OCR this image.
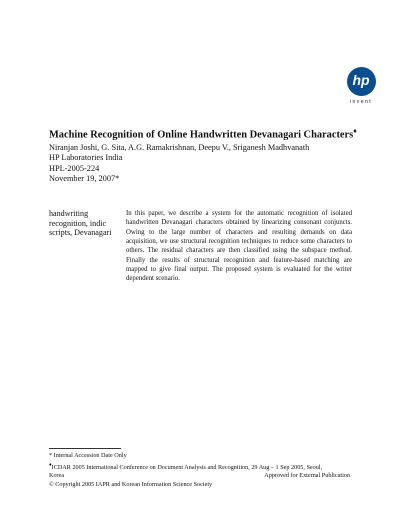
hp
invent
Machine Recognition of Online Handwritten Devanagari Characters♦
Niranjan Joshi, G. Sita, A.G. Ramakrishnan, Deepu V., Sriganesh Madhvanath
HP Laboratories India
HPL-2005-224
November 19, 2007*
handwriting recognition, indic scripts, Devanagari
In this paper, we describe a system for the automatic recognition of isolated handwritten Devanagari characters obtained by linearizing consonant conjuncts. Owing to the large number of characters and resulting demands on data acquisition, we use structural recognition techniques to reduce some characters to others. The residual characters are then classified using the subspace method. Finally the results of structural recognition and feature-based matching are mapped to give final output. The proposed system is evaluated for the writer dependent scenario.
* Internal Accession Date Only
♦ICDAR 2005 International Conference on Document Analysis and Recognition, 29 Aug – 1 Sep 2005, Seoul,
Korea	Approved for External Publication
© Copyright 2005 IAPR and Korean Information Science Society
